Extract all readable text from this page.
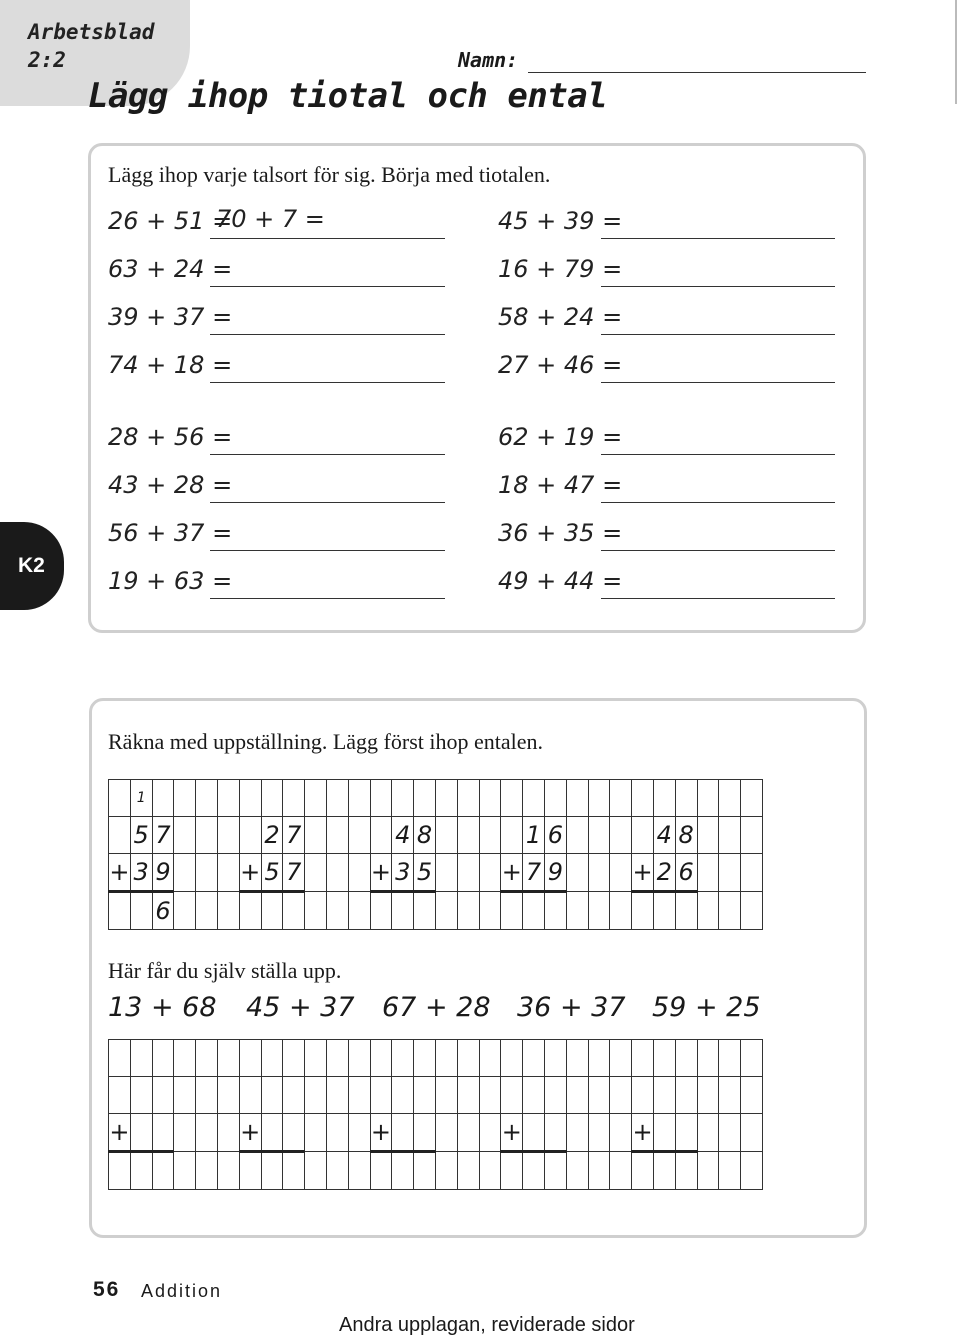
Arbetsblad
2:2	Namn:
Lägg ihop tiotal och ental
K2
Lägg ihop varje talsort för sig. Börja med tiotalen.
26 + 51 =
70 + 7 =
63 + 24 =
39 + 37 =
74 + 18 =
28 + 56 =
43 + 28 =
56 + 37 =
19 + 63 =
45 + 39 =
16 + 79 =
58 + 24 =
27 + 46 =
62 + 19 =
18 + 47 =
36 + 35 =
49 + 44 =
Räkna med uppställning. Lägg först ihop entalen.

	1																												

	5	7					2	7					4	8					1	6					4	8			
+	3	9				+	5	7				+	3	5				+	7	9				+	2	6			
		6																											
Här får du själv ställa upp.
13 + 68 45 + 37 67 + 28 36 + 37 59 + 25

+						+						+						+						+					

56 Addition
Andra upplagan, reviderade sidor
